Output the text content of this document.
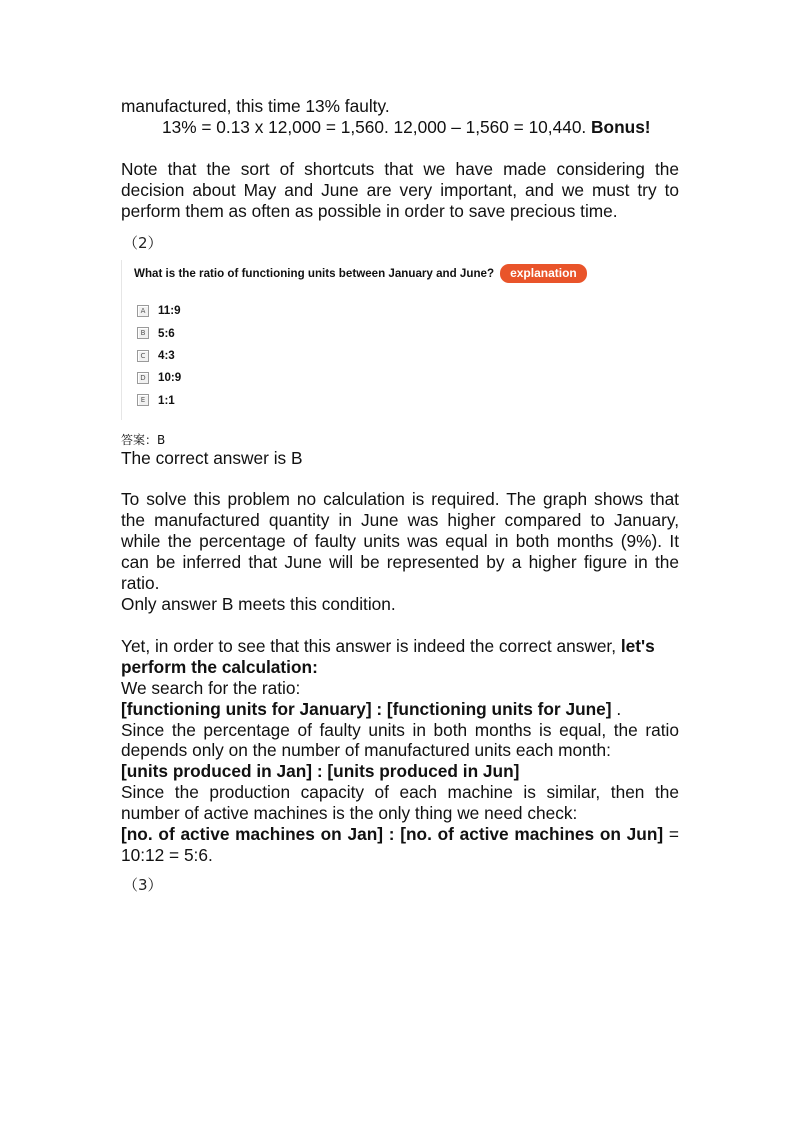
manufactured, this time 13% faulty.

13% = 0.13 x 12,000 = 1,560. 12,000 – 1,560 = 10,440. Bonus!

Note that the sort of shortcuts that we have made considering the decision about May and June are very important, and we must try to perform them as often as possible in order to save precious time.

（2）
What is the ratio of functioning units between January and June?	explanation
A	11:9
B	5:6
C	4:3
D 10:9
E	1:1
答案：B

The correct answer is B

To solve this problem no calculation is required. The graph shows that the manufactured quantity in June was higher compared to January, while the percentage of faulty units was equal in both months (9%). It can be inferred that June will be represented by a higher figure in the ratio.

Only answer B meets this condition.

Yet, in order to see that this answer is indeed the correct answer, let's perform the calculation:

We search for the ratio:

[functioning units for January] : [functioning units for June] .

Since the percentage of faulty units in both months is equal, the ratio depends only on the number of manufactured units each month:

[units produced in Jan] : [units produced in Jun]

Since the production capacity of each machine is similar, then the number of active machines is the only thing we need check:

[no. of active machines on Jan] : [no. of active machines on Jun] = 10:12 = 5:6.

（3）
